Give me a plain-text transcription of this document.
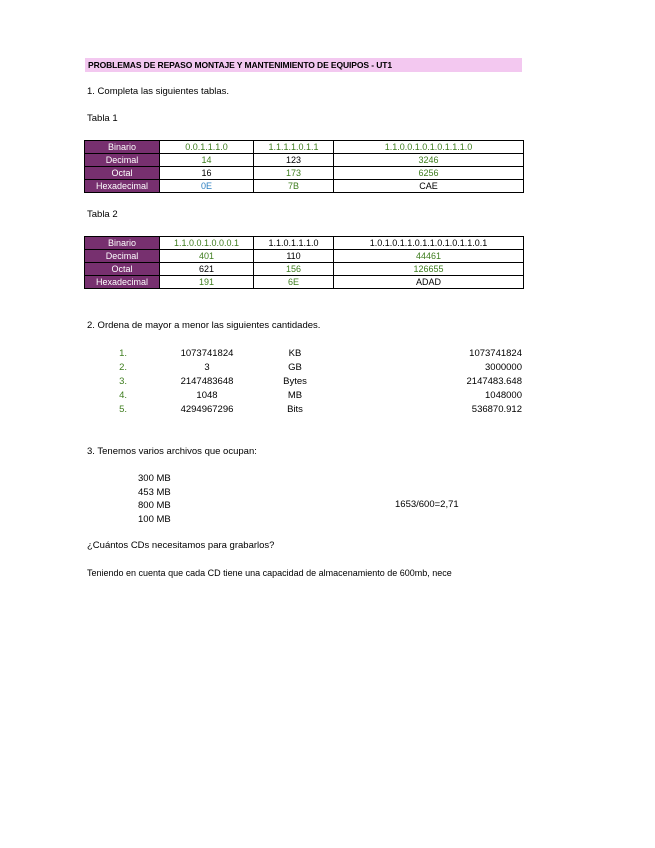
PROBLEMAS DE REPASO MONTAJE Y MANTENIMIENTO DE EQUIPOS - UT1
1. Completa las siguientes tablas.
Tabla 1
Binario	0.0.1.1.1.0	1.1.1.1.0.1.1	1.1.0.0.1.0.1.0.1.1.1.0
Decimal	14	123	3246
Octal	16	173	6256
Hexadecimal	0E	7B	CAE
Tabla 2
Binario	1.1.0.0.1.0.0.0.1	1.1.0.1.1.1.0	1.0.1.0.1.1.0.1.1.0.1.0.1.1.0.1
Decimal	401	110	44461
Octal	621	156	126655
Hexadecimal	191	6E	ADAD
2. Ordena de mayor a menor las siguientes cantidades.
1.	1073741824	KB	1073741824
2.	3	GB	3000000
3.	2147483648	Bytes	2147483.648
4.	1048	MB	1048000
5.	4294967296	Bits	536870.912
3. Tenemos varios archivos que ocupan:
300 MB
453 MB
800 MB
100 MB
1653/600=2,71
¿Cuántos CDs necesitamos para grabarlos?
Teniendo en cuenta que cada CD tiene una capacidad de almacenamiento de 600mb, nece
